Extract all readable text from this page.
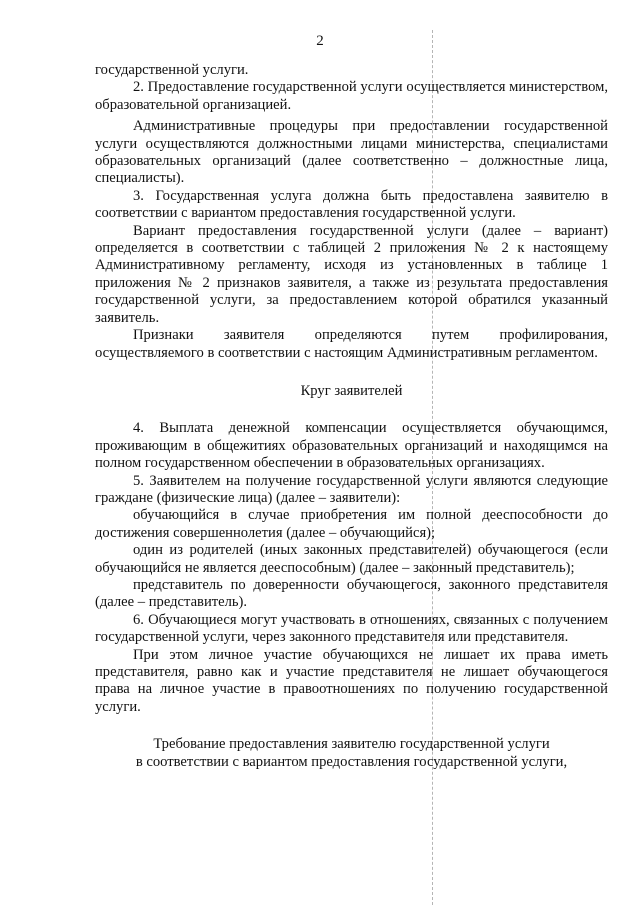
2

государственной услуги.

2. Предоставление государственной услуги осуществляется министерством, образовательной организацией.

Административные процедуры при предоставлении государственной услуги осуществляются должностными лицами министерства, специалистами образовательных организаций (далее соответственно – должностные лица, специалисты).

3. Государственная услуга должна быть предоставлена заявителю в соответствии с вариантом предоставления государственной услуги.

Вариант предоставления государственной услуги (далее – вариант) определяется в соответствии с таблицей 2 приложения № 2 к настоящему Административному регламенту, исходя из установленных в таблице 1 приложения № 2 признаков заявителя, а также из результата предоставления государственной услуги, за предоставлением которой обратился указанный заявитель.

Признаки заявителя определяются путем профилирования, осуществляемого в соответствии с настоящим Административным регламентом.

Круг заявителей

4. Выплата денежной компенсации осуществляется обучающимся, проживающим в общежитиях образовательных организаций и находящимся на полном государственном обеспечении в образовательных организациях.

5. Заявителем на получение государственной услуги являются следующие граждане (физические лица) (далее – заявители):

обучающийся в случае приобретения им полной дееспособности до достижения совершеннолетия (далее – обучающийся);

один из родителей (иных законных представителей) обучающегося (если обучающийся не является дееспособным) (далее – законный представитель);

представитель по доверенности обучающегося, законного представителя (далее – представитель).

6. Обучающиеся могут участвовать в отношениях, связанных с получением государственной услуги, через законного представителя или представителя.

При этом личное участие обучающихся не лишает их права иметь представителя, равно как и участие представителя не лишает обучающегося права на личное участие в правоотношениях по получению государственной услуги.

Требование предоставления заявителю государственной услуги

в соответствии с вариантом предоставления государственной услуги,
